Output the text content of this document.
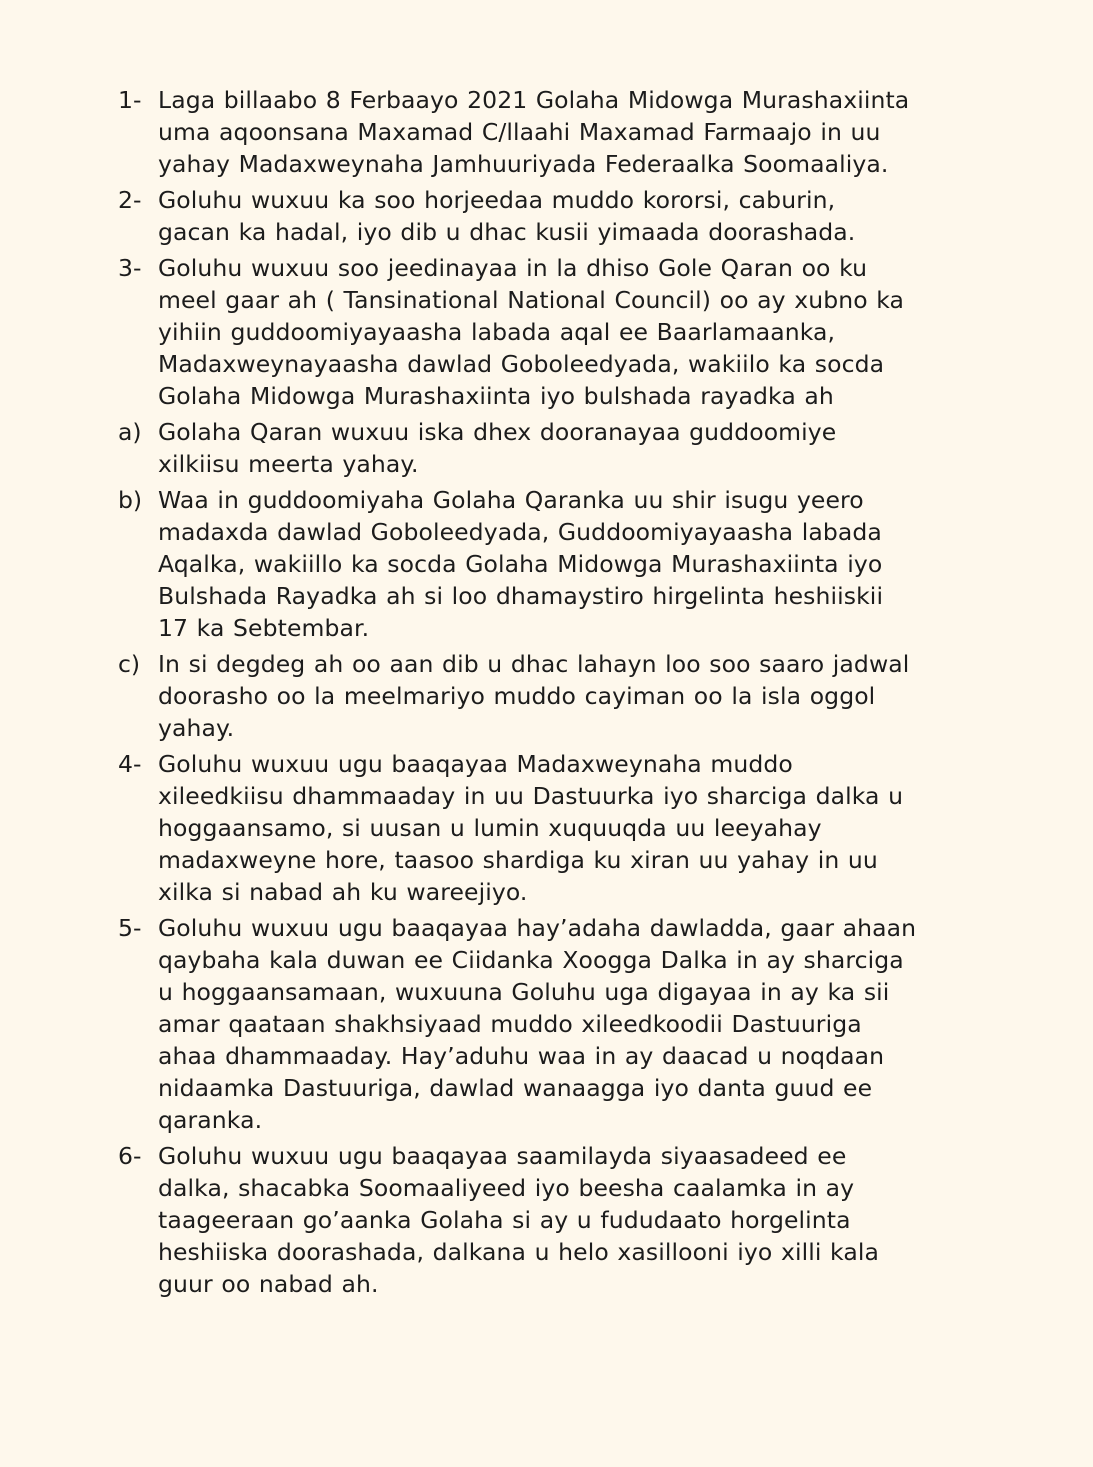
1- Laga billaabo 8 Ferbaayo 2021 Golaha Midowga Murashaxiinta
uma aqoonsana Maxamad C/llaahi Maxamad Farmaajo in uu
yahay Madaxweynaha Jamhuuriyada Federaalka Soomaaliya.
2- Goluhu wuxuu ka soo horjeedaa muddo kororsi, caburin,
gacan ka hadal, iyo dib u dhac kusii yimaada doorashada.
3- Goluhu wuxuu soo jeedinayaa in la dhiso Gole Qaran oo ku
meel gaar ah ( Tansinational National Council) oo ay xubno ka
yihiin guddoomiyayaasha labada aqal ee Baarlamaanka,
Madaxweynayaasha dawlad Goboleedyada, wakiilo ka socda
Golaha Midowga Murashaxiinta iyo bulshada rayadka ah
a) Golaha Qaran wuxuu iska dhex dooranayaa guddoomiye
xilkiisu meerta yahay.
b) Waa in guddoomiyaha Golaha Qaranka uu shir isugu yeero
madaxda dawlad Goboleedyada, Guddoomiyayaasha labada
Aqalka, wakiillo ka socda Golaha Midowga Murashaxiinta iyo
Bulshada Rayadka ah si loo dhamaystiro hirgelinta heshiiskii
17 ka Sebtembar.
c) In si degdeg ah oo aan dib u dhac lahayn loo soo saaro jadwal
doorasho oo la meelmariyo muddo cayiman oo la isla oggol
yahay.
4- Goluhu wuxuu ugu baaqayaa Madaxweynaha muddo
xileedkiisu dhammaaday in uu Dastuurka iyo sharciga dalka u
hoggaansamo, si uusan u lumin xuquuqda uu leeyahay
madaxweyne hore, taasoo shardiga ku xiran uu yahay in uu
xilka si nabad ah ku wareejiyo.
5- Goluhu wuxuu ugu baaqayaa hay’adaha dawladda, gaar ahaan
qaybaha kala duwan ee Ciidanka Xoogga Dalka in ay sharciga
u hoggaansamaan, wuxuuna Goluhu uga digayaa in ay ka sii
amar qaataan shakhsiyaad muddo xileedkoodii Dastuuriga
ahaa dhammaaday. Hay’aduhu waa in ay daacad u noqdaan
nidaamka Dastuuriga, dawlad wanaagga iyo danta guud ee
qaranka.
6- Goluhu wuxuu ugu baaqayaa saamilayda siyaasadeed ee
dalka, shacabka Soomaaliyeed iyo beesha caalamka in ay
taageeraan go’aanka Golaha si ay u fududaato horgelinta
heshiiska doorashada, dalkana u helo xasillooni iyo xilli kala
guur oo nabad ah.
